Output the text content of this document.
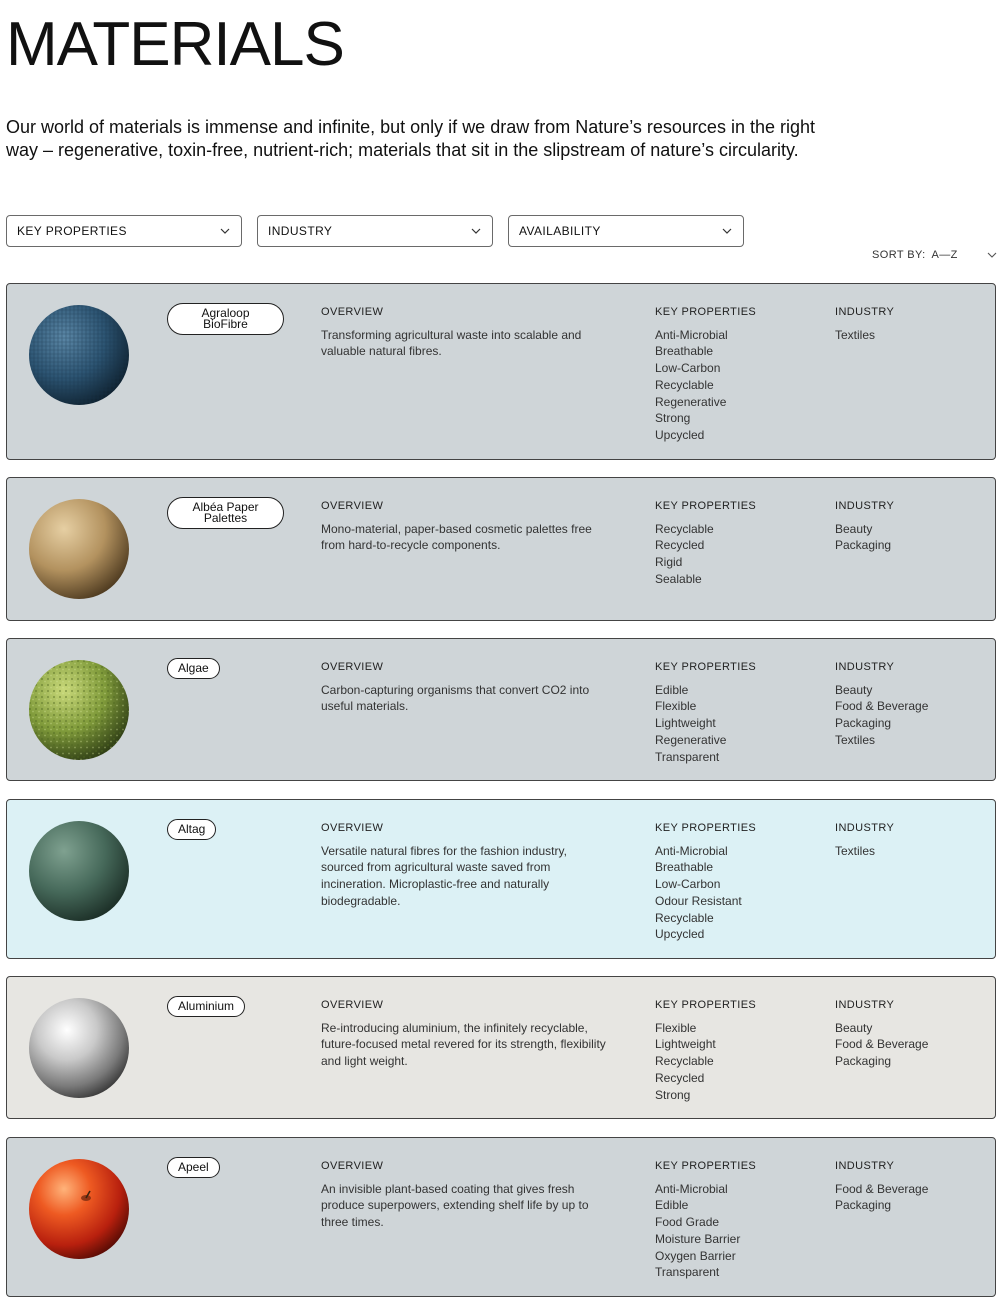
MATERIALS

Our world of materials is immense and infinite, but only if we draw from Nature’s resources in the right way – regenerative, toxin-free, nutrient-rich; materials that sit in the slipstream of nature’s circularity.

KEY PROPERTIES	INDUSTRY	AVAILABILITY
SORT BY: A—Z
Agraloop
BioFibre
OVERVIEW
Transforming agricultural waste into scalable and valuable natural fibres.
KEY PROPERTIES
Anti-Microbial
Breathable
Low-Carbon
Recyclable
Regenerative
Strong
Upcycled
INDUSTRY
Textiles
Albéa Paper
Palettes
OVERVIEW
Mono-material, paper-based cosmetic palettes free from hard-to-recycle components.
KEY PROPERTIES
Recyclable
Recycled
Rigid
Sealable
INDUSTRY
Beauty
Packaging
Algae	OVERVIEW
Carbon-capturing organisms that convert CO2 into useful materials.
KEY PROPERTIES
Edible
Flexible
Lightweight
Regenerative
Transparent
INDUSTRY
Beauty
Food & Beverage
Packaging
Textiles
Altag	OVERVIEW
Versatile natural fibres for the fashion industry, sourced from agricultural waste saved from incineration. Microplastic-free and naturally biodegradable.
KEY PROPERTIES
Anti-Microbial
Breathable
Low-Carbon
Odour Resistant
Recyclable
Upcycled
INDUSTRY
Textiles
Aluminium	OVERVIEW
Re-introducing aluminium, the infinitely recyclable, future-focused metal revered for its strength, flexibility and light weight.
KEY PROPERTIES
Flexible
Lightweight
Recyclable
Recycled
Strong
INDUSTRY
Beauty
Food & Beverage
Packaging
Apeel	OVERVIEW
An invisible plant-based coating that gives fresh produce superpowers, extending shelf life by up to three times.
KEY PROPERTIES
Anti-Microbial
Edible
Food Grade
Moisture Barrier
Oxygen Barrier
Transparent
INDUSTRY
Food & Beverage
Packaging
